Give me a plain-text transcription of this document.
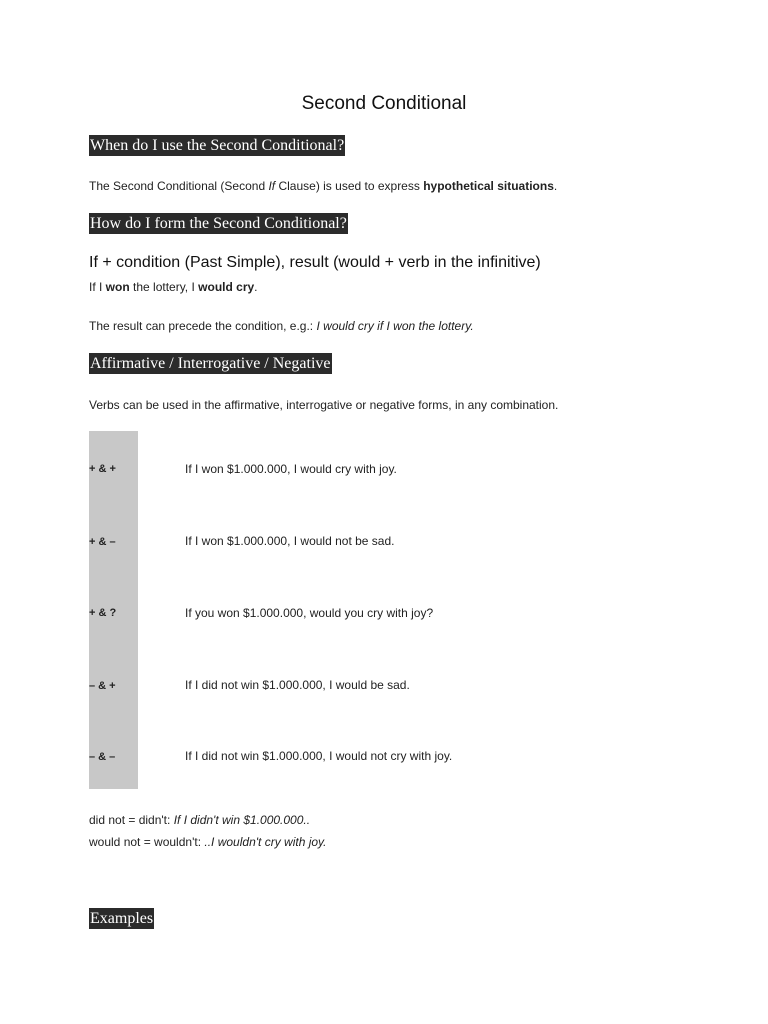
Second Conditional
When do I use the Second Conditional?
The Second Conditional (Second If Clause) is used to express hypothetical situations.
How do I form the Second Conditional?
If + condition (Past Simple), result (would + verb in the infinitive)
If I won the lottery, I would cry.
The result can precede the condition, e.g.: I would cry if I won the lottery.
Affirmative / Interrogative / Negative
Verbs can be used in the affirmative, interrogative or negative forms, in any combination.
+ & +	If I won $1.000.000, I would cry with joy.
+ & –	If I won $1.000.000, I would not be sad.
+ & ?	If you won $1.000.000, would you cry with joy?
– & +	If I did not win $1.000.000, I would be sad.
– & –	If I did not win $1.000.000, I would not cry with joy.
did not = didn't: If I didn't win $1.000.000..
would not = wouldn't: ..I wouldn't cry with joy.
Examples
